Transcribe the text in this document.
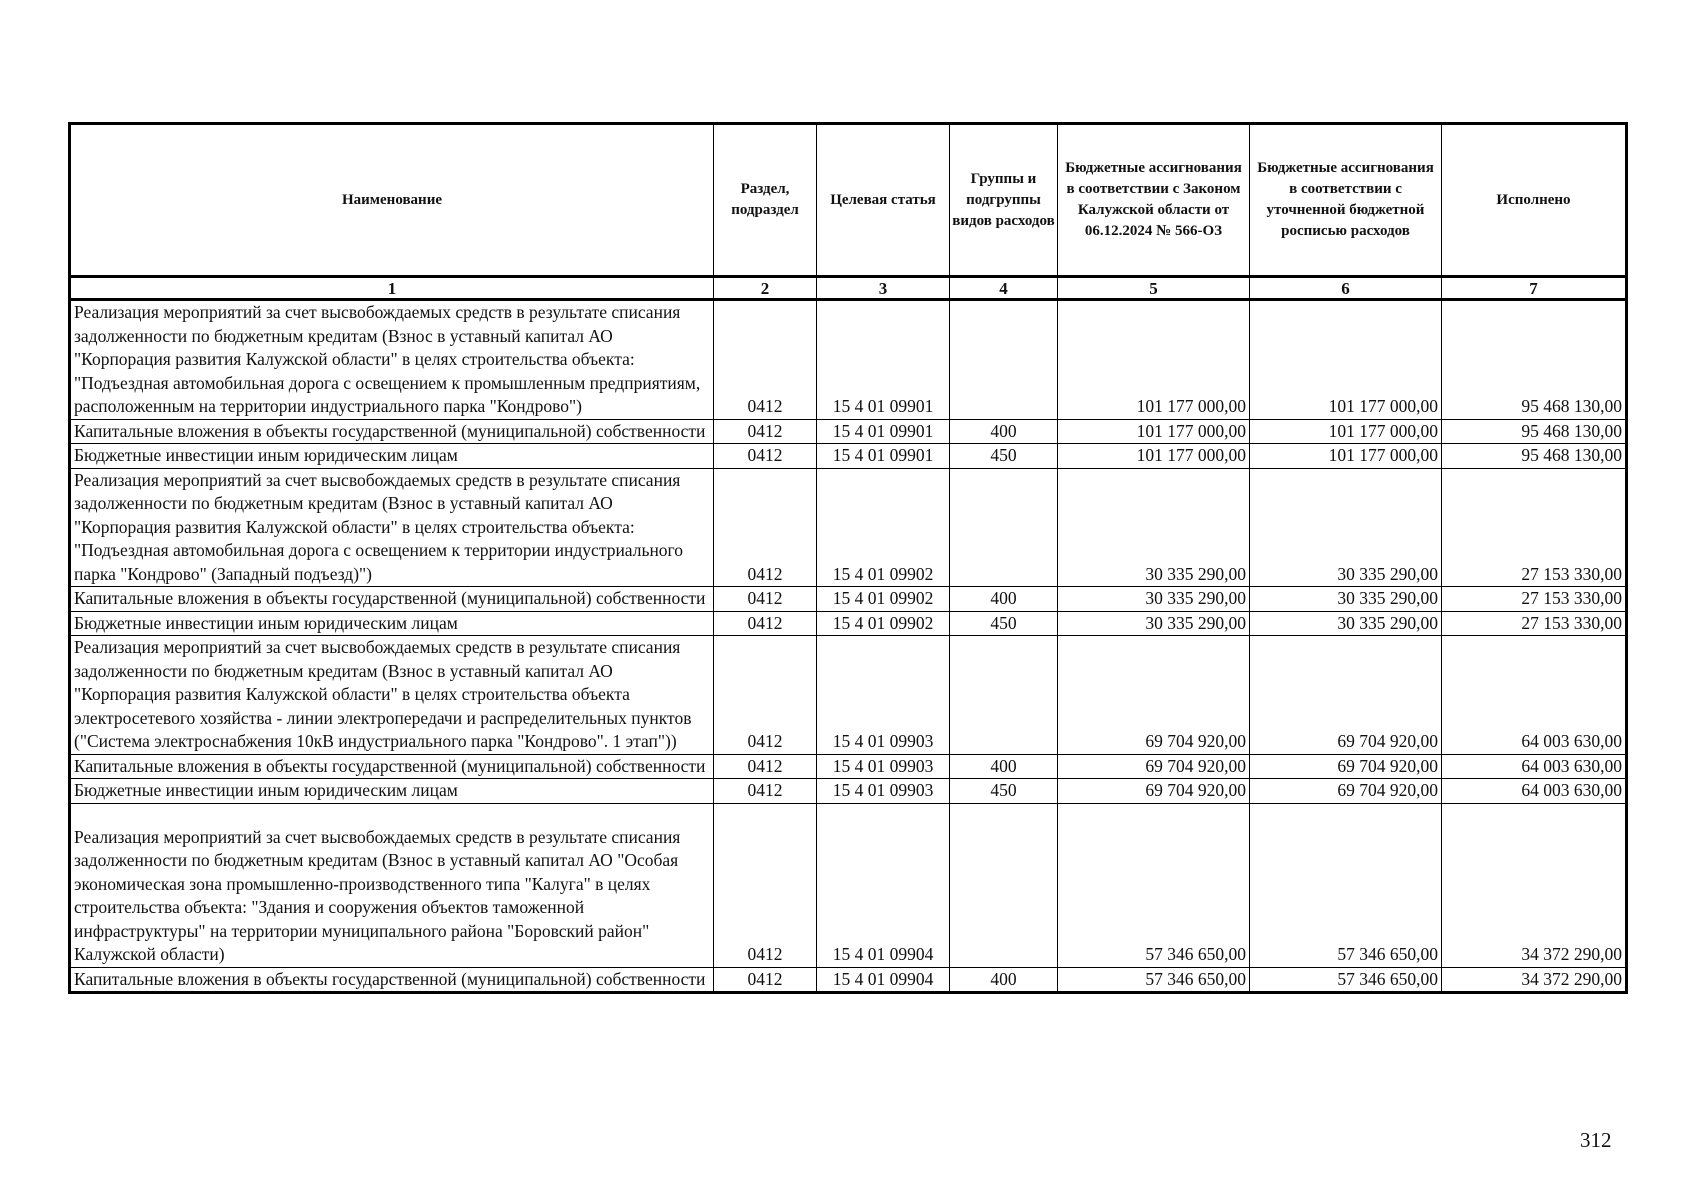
Наименование	Раздел, подраздел	Целевая статья	Группы и подгруппы видов расходов	Бюджетные ассигнования в соответствии с Законом Калужской области от 06.12.2024 № 566-ОЗ	Бюджетные ассигнования в соответствии с уточненной бюджетной росписью расходов	Исполнено
1	2	3	4	5	6	7
Реализация мероприятий за счет высвобождаемых средств в результате списания задолженности по бюджетным кредитам (Взнос в уставный капитал АО "Корпорация развития Калужской области" в целях строительства объекта: "Подъездная автомобильная дорога с освещением к промышленным предприятиям, расположенным на территории индустриального парка "Кондрово")	0412	15 4 01 09901		101 177 000,00	101 177 000,00	95 468 130,00
Капитальные вложения в объекты государственной (муниципальной) собственности	0412	15 4 01 09901	400	101 177 000,00	101 177 000,00	95 468 130,00
Бюджетные инвестиции иным юридическим лицам	0412	15 4 01 09901	450	101 177 000,00	101 177 000,00	95 468 130,00
Реализация мероприятий за счет высвобождаемых средств в результате списания задолженности по бюджетным кредитам (Взнос в уставный капитал АО "Корпорация развития Калужской области" в целях строительства объекта: "Подъездная автомобильная дорога с освещением к территории индустриального парка "Кондрово" (Западный подъезд)")	0412	15 4 01 09902		30 335 290,00	30 335 290,00	27 153 330,00
Капитальные вложения в объекты государственной (муниципальной) собственности	0412	15 4 01 09902	400	30 335 290,00	30 335 290,00	27 153 330,00
Бюджетные инвестиции иным юридическим лицам	0412	15 4 01 09902	450	30 335 290,00	30 335 290,00	27 153 330,00
Реализация мероприятий за счет высвобождаемых средств в результате списания задолженности по бюджетным кредитам (Взнос в уставный капитал АО "Корпорация развития Калужской области" в целях строительства объекта электросетевого хозяйства - линии электропередачи и распределительных пунктов ("Система электроснабжения 10кВ индустриального парка "Кондрово". 1 этап"))	0412	15 4 01 09903		69 704 920,00	69 704 920,00	64 003 630,00
Капитальные вложения в объекты государственной (муниципальной) собственности	0412	15 4 01 09903	400	69 704 920,00	69 704 920,00	64 003 630,00
Бюджетные инвестиции иным юридическим лицам	0412	15 4 01 09903	450	69 704 920,00	69 704 920,00	64 003 630,00
Реализация мероприятий за счет высвобождаемых средств в результате списания задолженности по бюджетным кредитам (Взнос в уставный капитал АО "Особая экономическая зона промышленно-производственного типа "Калуга" в целях строительства объекта: "Здания и сооружения объектов таможенной инфраструктуры" на территории муниципального района "Боровский район" Калужской области)	0412	15 4 01 09904		57 346 650,00	57 346 650,00	34 372 290,00
Капитальные вложения в объекты государственной (муниципальной) собственности	0412	15 4 01 09904	400	57 346 650,00	57 346 650,00	34 372 290,00
312
